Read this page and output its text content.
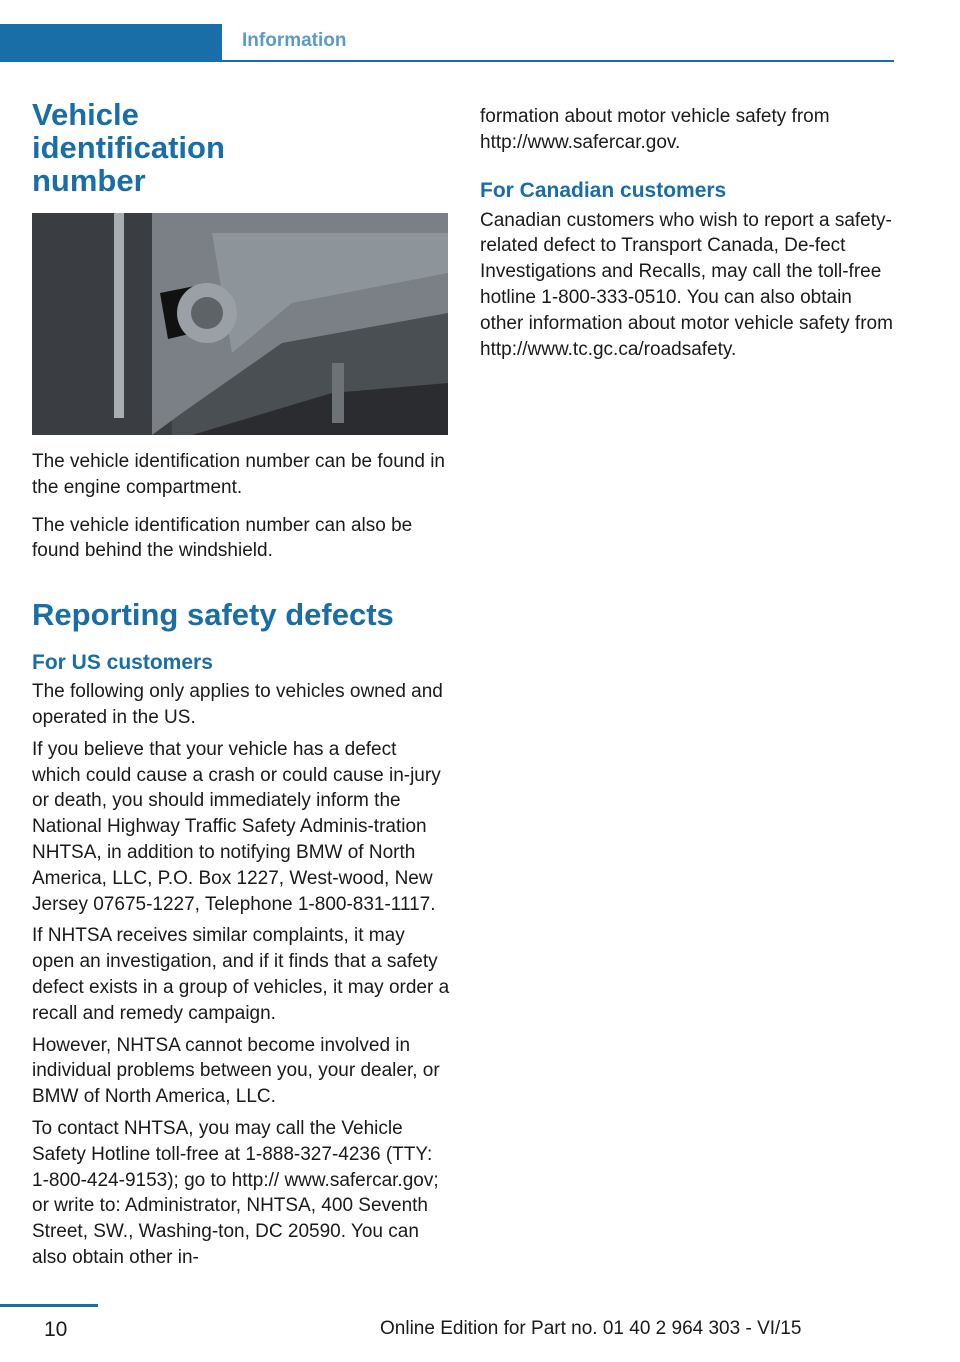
Information
Vehicle identification number

The vehicle identification number can be found in the engine compartment.

The vehicle identification number can also be found behind the windshield.

Reporting safety defects
For US customers

The following only applies to vehicles owned and operated in the US.

If you believe that your vehicle has a defect which could cause a crash or could cause in‐jury or death, you should immediately inform the National Highway Traffic Safety Adminis‐tration NHTSA, in addition to notifying BMW of North America, LLC, P.O. Box 1227, West‐wood, New Jersey 07675-1227, Telephone 1-800-831-1117.

If NHTSA receives similar complaints, it may open an investigation, and if it finds that a safety defect exists in a group of vehicles, it may order a recall and remedy campaign.

However, NHTSA cannot become involved in individual problems between you, your dealer, or BMW of North America, LLC.

To contact NHTSA, you may call the Vehicle Safety Hotline toll-free at 1-888-327-4236 (TTY: 1-800-424-9153); go to http:// www.safercar.gov; or write to: Administrator, NHTSA, 400 Seventh Street, SW., Washing‐ton, DC 20590. You can also obtain other in‐

formation about motor vehicle safety from http://www.safercar.gov.

For Canadian customers

Canadian customers who wish to report a safety-related defect to Transport Canada, De‐fect Investigations and Recalls, may call the toll-free hotline 1-800-333-0510. You can also obtain other information about motor vehicle safety from http://www.tc.gc.ca/roadsafety.

10	Online Edition for Part no. 01 40 2 964 303 - VI/15
